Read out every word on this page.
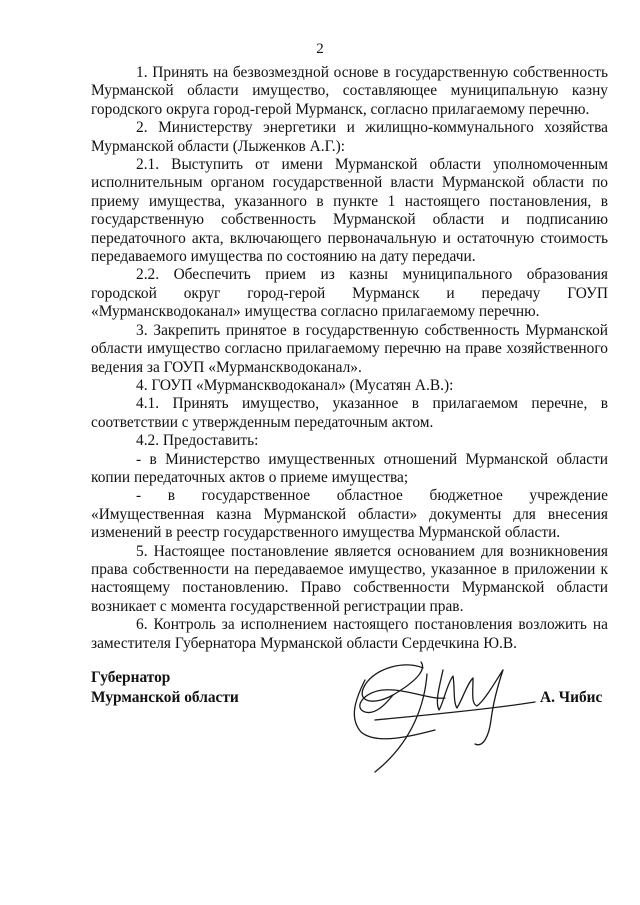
2

1. Принять на безвозмездной основе в государственную собственность Мурманской области имущество, составляющее муниципальную казну городского округа город-герой Мурманск, согласно прилагаемому перечню.

2. Министерству энергетики и жилищно-коммунального хозяйства Мурманской области (Лыженков А.Г.):

2.1. Выступить от имени Мурманской области уполномоченным исполнительным органом государственной власти Мурманской области по приему имущества, указанного в пункте 1 настоящего постановления, в государственную собственность Мурманской области и подписанию передаточного акта, включающего первоначальную и остаточную стоимость передаваемого имущества по состоянию на дату передачи.

2.2. Обеспечить прием из казны муниципального образования городской округ город-герой Мурманск и передачу ГОУП «Мурманскводоканал» имущества согласно прилагаемому перечню.

3. Закрепить принятое в государственную собственность Мурманской области имущество согласно прилагаемому перечню на праве хозяйственного ведения за ГОУП «Мурманскводоканал».

4. ГОУП «Мурманскводоканал» (Мусатян А.В.):

4.1. Принять имущество, указанное в прилагаемом перечне, в соответствии с утвержденным передаточным актом.

4.2. Предоставить:

- в Министерство имущественных отношений Мурманской области копии передаточных актов о приеме имущества;

- в государственное областное бюджетное учреждение «Имущественная казна Мурманской области» документы для внесения изменений в реестр государственного имущества Мурманской области.

5. Настоящее постановление является основанием для возникновения права собственности на передаваемое имущество, указанное в приложении к настоящему постановлению. Право собственности Мурманской области возникает с момента государственной регистрации прав.

6. Контроль за исполнением настоящего постановления возложить на заместителя Губернатора Мурманской области Сердечкина Ю.В.

Губернатор
Мурманской области	А. Чибис
